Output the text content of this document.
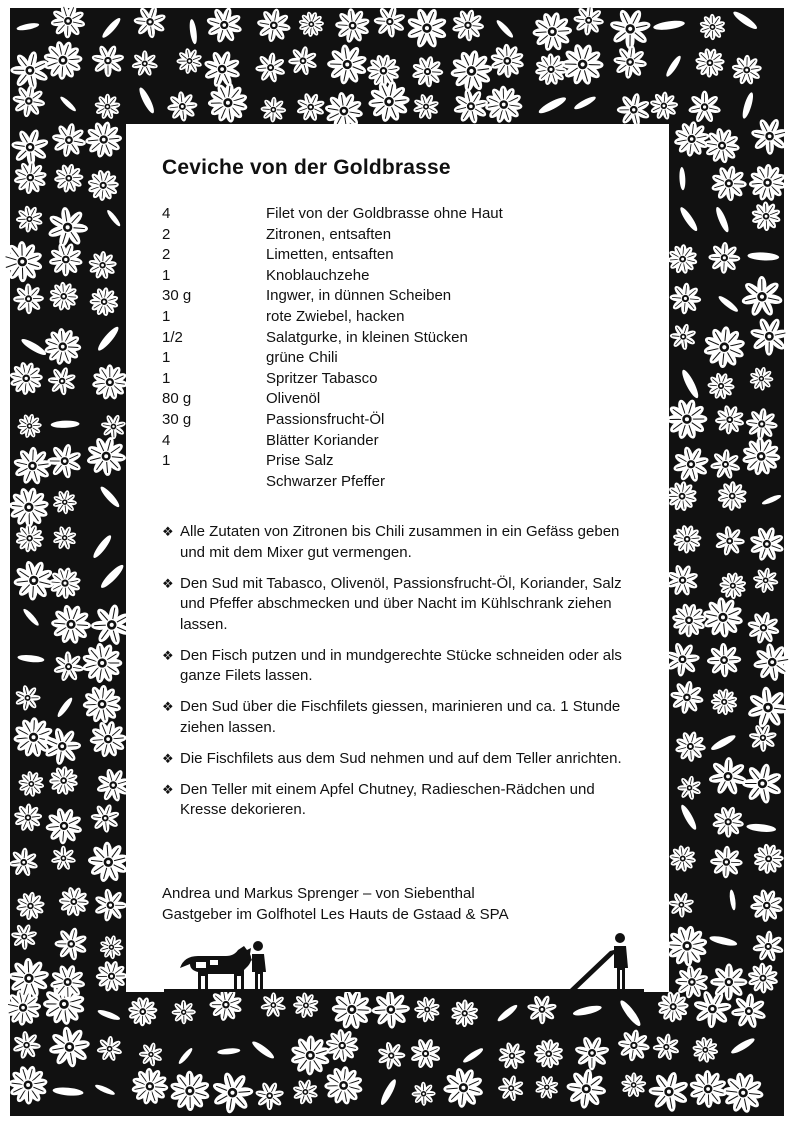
Ceviche von der Goldbrasse
4	Filet von der Goldbrasse ohne Haut
2	Zitronen, entsaften
2	Limetten, entsaften
1	Knoblauchzehe
30 g	Ingwer, in dünnen Scheiben
1	rote Zwiebel, hacken
1/2	Salatgurke, in kleinen Stücken
1	grüne Chili
1	Spritzer Tabasco
80 g	Olivenöl
30 g	Passionsfrucht-Öl
4	Blätter Koriander
1	Prise Salz
Schwarzer Pfeffer
❖ Alle Zutaten von Zitronen bis Chili zusammen in ein Gefäss geben und mit dem Mixer gut vermengen.
❖ Den Sud mit Tabasco, Olivenöl, Passionsfrucht-Öl, Koriander, Salz und Pfeffer abschmecken und über Nacht im Kühlschrank ziehen lassen.
❖ Den Fisch putzen und in mundgerechte Stücke schneiden oder als ganze Filets lassen.
❖ Den Sud über die Fischfilets giessen, marinieren und ca. 1 Stunde ziehen lassen.
❖ Die Fischfilets aus dem Sud nehmen und auf dem Teller anrichten.
❖ Den Teller mit einem Apfel Chutney, Radieschen-Rädchen und Kresse dekorieren.
Andrea und Markus Sprenger – von Siebenthal
Gastgeber im Golfhotel Les Hauts de Gstaad & SPA
